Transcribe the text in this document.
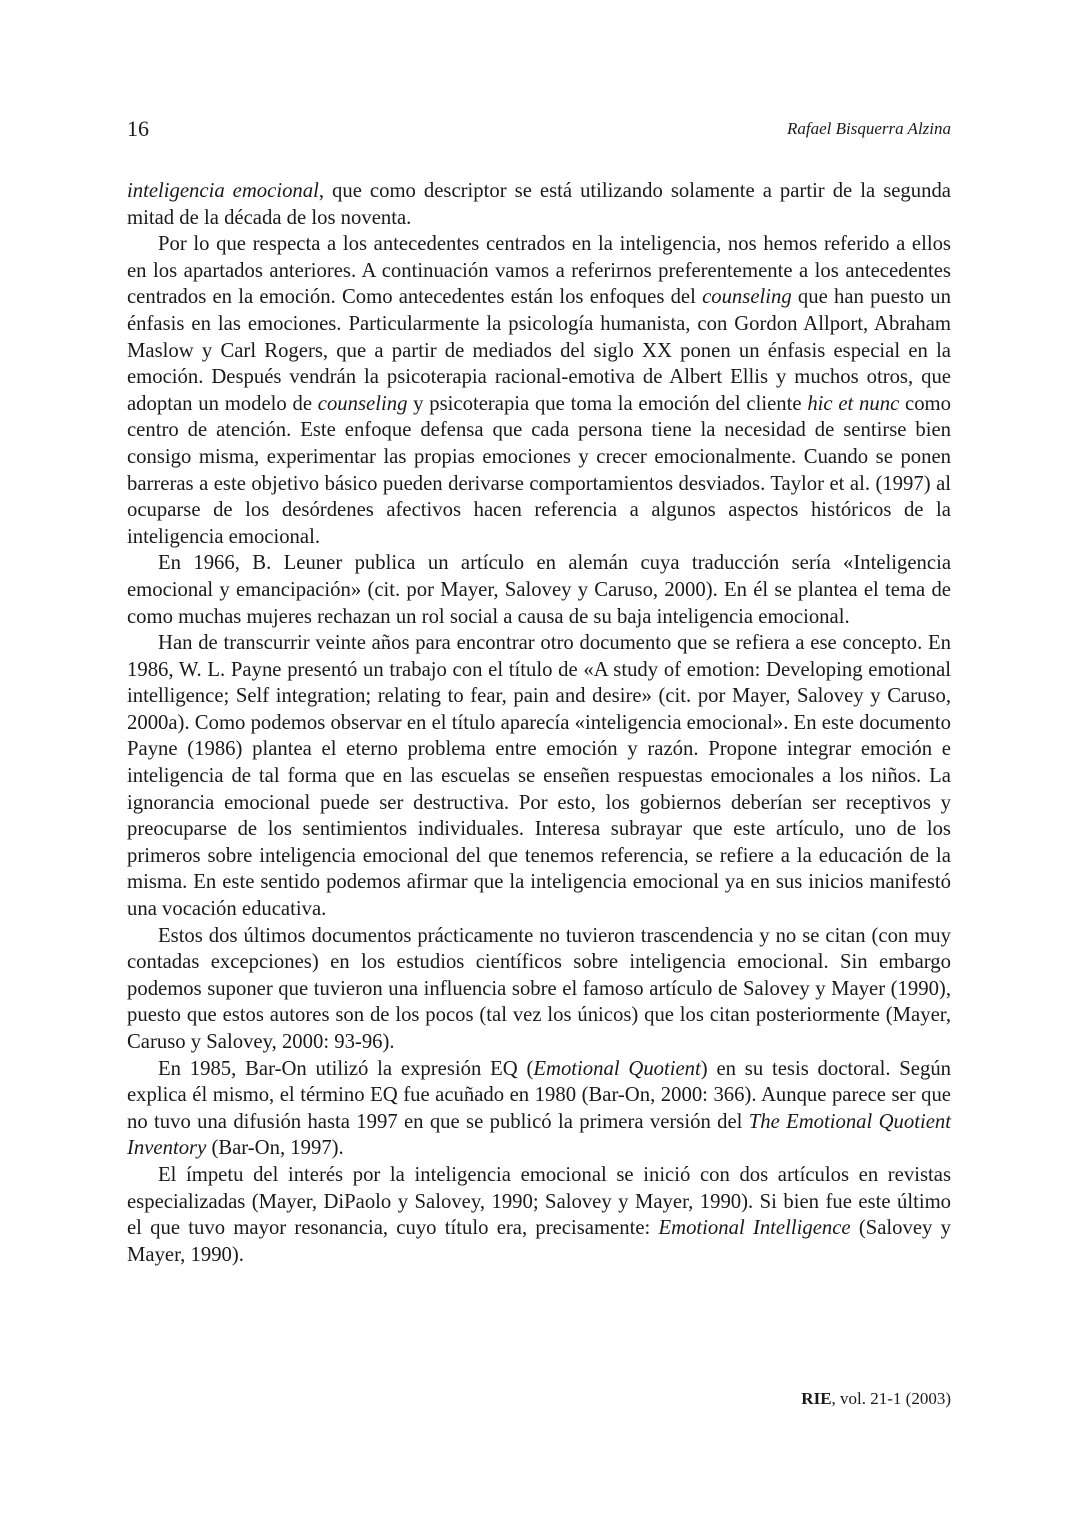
16	Rafael Bisquerra Alzina

inteligencia emocional, que como descriptor se está utilizando solamente a partir de la segunda mitad de la década de los noventa.

Por lo que respecta a los antecedentes centrados en la inteligencia, nos hemos referido a ellos en los apartados anteriores. A continuación vamos a referirnos preferentemente a los antecedentes centrados en la emoción. Como antecedentes están los enfoques del counseling que han puesto un énfasis en las emociones. Particularmente la psicología humanista, con Gordon Allport, Abraham Maslow y Carl Rogers, que a partir de mediados del siglo XX ponen un énfasis especial en la emoción. Después vendrán la psicoterapia racional-emotiva de Albert Ellis y muchos otros, que adoptan un modelo de counseling y psicoterapia que toma la emoción del cliente hic et nunc como centro de atención. Este enfoque defensa que cada persona tiene la necesidad de sentirse bien consigo misma, experimentar las propias emociones y crecer emocionalmente. Cuando se ponen barreras a este objetivo básico pueden derivarse comportamientos desviados. Taylor et al. (1997) al ocuparse de los desórdenes afectivos hacen referencia a algunos aspectos históricos de la inteligencia emocional.

En 1966, B. Leuner publica un artículo en alemán cuya traducción sería «Inteligencia emocional y emancipación» (cit. por Mayer, Salovey y Caruso, 2000). En él se plantea el tema de como muchas mujeres rechazan un rol social a causa de su baja inteligencia emocional.

Han de transcurrir veinte años para encontrar otro documento que se refiera a ese concepto. En 1986, W. L. Payne presentó un trabajo con el título de «A study of emotion: Developing emotional intelligence; Self integration; relating to fear, pain and desire» (cit. por Mayer, Salovey y Caruso, 2000a). Como podemos observar en el título aparecía «inteligencia emocional». En este documento Payne (1986) plantea el eterno problema entre emoción y razón. Propone integrar emoción e inteligencia de tal forma que en las escuelas se enseñen respuestas emocionales a los niños. La ignorancia emocional puede ser destructiva. Por esto, los gobiernos deberían ser receptivos y preocuparse de los sentimientos individuales. Interesa subrayar que este artículo, uno de los primeros sobre inteligencia emocional del que tenemos referencia, se refiere a la educación de la misma. En este sentido podemos afirmar que la inteligencia emocional ya en sus inicios manifestó una vocación educativa.

Estos dos últimos documentos prácticamente no tuvieron trascendencia y no se citan (con muy contadas excepciones) en los estudios científicos sobre inteligencia emocional. Sin embargo podemos suponer que tuvieron una influencia sobre el famoso artículo de Salovey y Mayer (1990), puesto que estos autores son de los pocos (tal vez los únicos) que los citan posteriormente (Mayer, Caruso y Salovey, 2000: 93-96).

En 1985, Bar-On utilizó la expresión EQ (Emotional Quotient) en su tesis doctoral. Según explica él mismo, el término EQ fue acuñado en 1980 (Bar-On, 2000: 366). Aunque parece ser que no tuvo una difusión hasta 1997 en que se publicó la primera versión del The Emotional Quotient Inventory (Bar-On, 1997).

El ímpetu del interés por la inteligencia emocional se inició con dos artículos en revistas especializadas (Mayer, DiPaolo y Salovey, 1990; Salovey y Mayer, 1990). Si bien fue este último el que tuvo mayor resonancia, cuyo título era, precisamente: Emotional Intelligence (Salovey y Mayer, 1990).

RIE, vol. 21-1 (2003)
